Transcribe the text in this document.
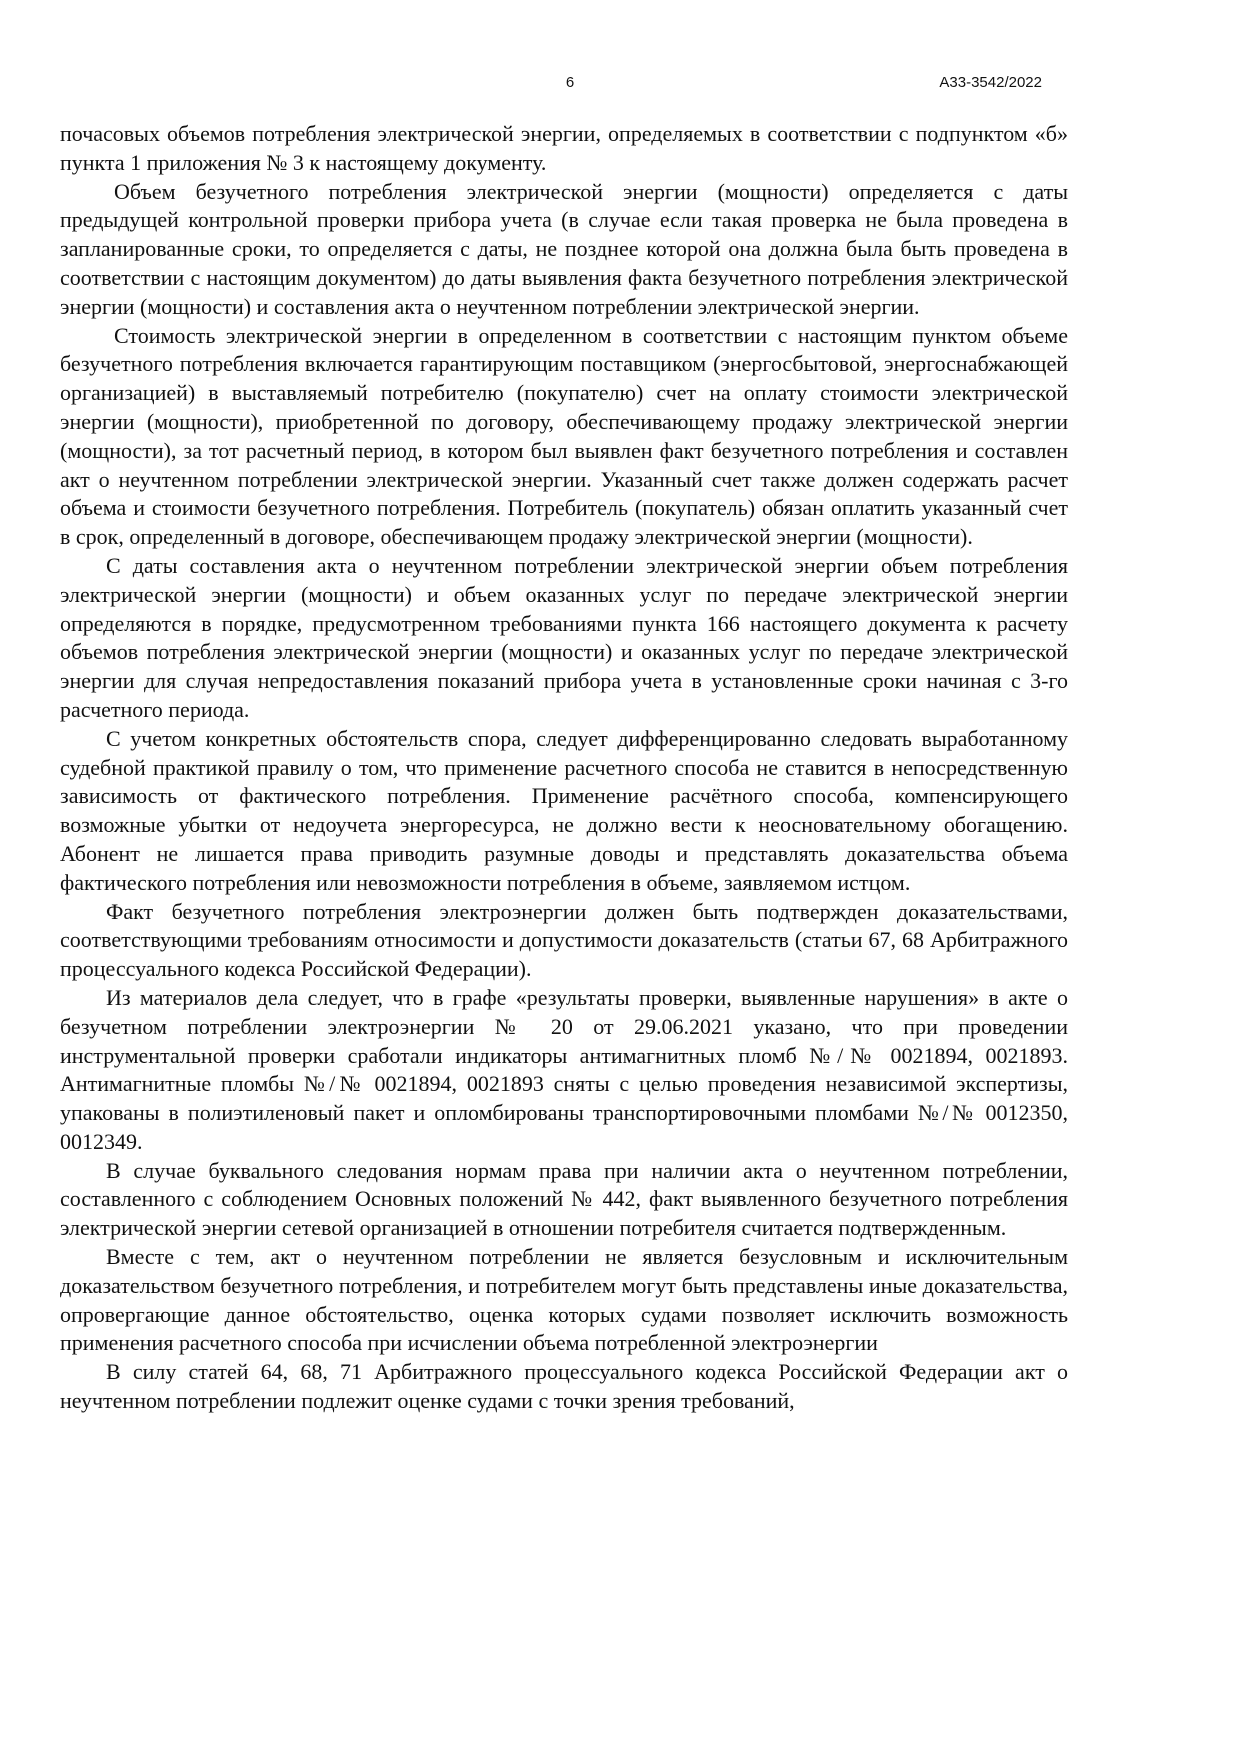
6	А33-3542/2022

почасовых объемов потребления электрической энергии, определяемых в соответствии с подпунктом «б» пункта 1 приложения № 3 к настоящему документу.

Объем безучетного потребления электрической энергии (мощности) определяется с даты предыдущей контрольной проверки прибора учета (в случае если такая проверка не была проведена в запланированные сроки, то определяется с даты, не позднее которой она должна была быть проведена в соответствии с настоящим документом) до даты выявления факта безучетного потребления электрической энергии (мощности) и составления акта о неучтенном потреблении электрической энергии.

Стоимость электрической энергии в определенном в соответствии с настоящим пунктом объеме безучетного потребления включается гарантирующим поставщиком (энергосбытовой, энергоснабжающей организацией) в выставляемый потребителю (покупателю) счет на оплату стоимости электрической энергии (мощности), приобретенной по договору, обеспечивающему продажу электрической энергии (мощности), за тот расчетный период, в котором был выявлен факт безучетного потребления и составлен акт о неучтенном потреблении электрической энергии. Указанный счет также должен содержать расчет объема и стоимости безучетного потребления. Потребитель (покупатель) обязан оплатить указанный счет в срок, определенный в договоре, обеспечивающем продажу электрической энергии (мощности).

С даты составления акта о неучтенном потреблении электрической энергии объем потребления электрической энергии (мощности) и объем оказанных услуг по передаче электрической энергии определяются в порядке, предусмотренном требованиями пункта 166 настоящего документа к расчету объемов потребления электрической энергии (мощности) и оказанных услуг по передаче электрической энергии для случая непредоставления показаний прибора учета в установленные сроки начиная с 3-го расчетного периода.

С учетом конкретных обстоятельств спора, следует дифференцированно следовать выработанному судебной практикой правилу о том, что применение расчетного способа не ставится в непосредственную зависимость от фактического потребления. Применение расчётного способа, компенсирующего возможные убытки от недоучета энергоресурса, не должно вести к неосновательному обогащению. Абонент не лишается права приводить разумные доводы и представлять доказательства объема фактического потребления или невозможности потребления в объеме, заявляемом истцом.

Факт безучетного потребления электроэнергии должен быть подтвержден доказательствами, соответствующими требованиям относимости и допустимости доказательств (статьи 67, 68 Арбитражного процессуального кодекса Российской Федерации).

Из материалов дела следует, что в графе «результаты проверки, выявленные нарушения» в акте о безучетном потреблении электроэнергии № 20 от 29.06.2021 указано, что при проведении инструментальной проверки сработали индикаторы антимагнитных пломб №/№ 0021894, 0021893. Антимагнитные пломбы №/№ 0021894, 0021893 сняты с целью проведения независимой экспертизы, упакованы в полиэтиленовый пакет и опломбированы транспортировочными пломбами №/№ 0012350, 0012349.

В случае буквального следования нормам права при наличии акта о неучтенном потреблении, составленного с соблюдением Основных положений № 442, факт выявленного безучетного потребления электрической энергии сетевой организацией в отношении потребителя считается подтвержденным.

Вместе с тем, акт о неучтенном потреблении не является безусловным и исключительным доказательством безучетного потребления, и потребителем могут быть представлены иные доказательства, опровергающие данное обстоятельство, оценка которых судами позволяет исключить возможность применения расчетного способа при исчислении объема потребленной электроэнергии

В силу статей 64, 68, 71 Арбитражного процессуального кодекса Российской Федерации акт о неучтенном потреблении подлежит оценке судами с точки зрения требований,
